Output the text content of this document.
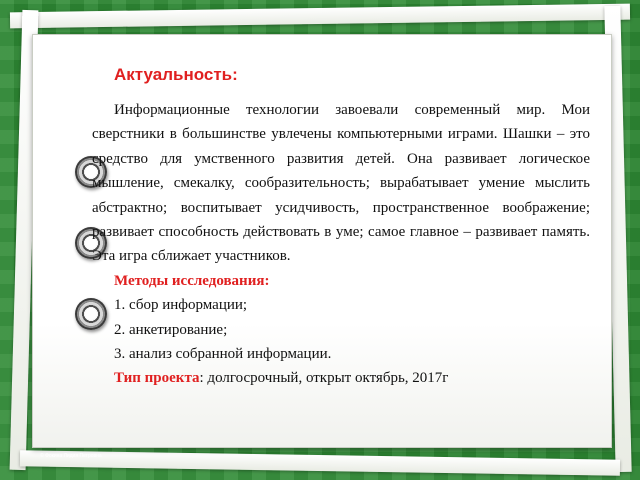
Актуальность:

Информационные технологии завоевали современный мир. Мои сверстники в большинстве увлечены компьютерными играми. Шашки – это средство для умственного развития детей. Она развивает логическое мышление, смекалку, сообразительность; вырабатывает умение мыслить абстрактно; воспитывает усидчивость, пространственное воображение; развивает способность действовать в уме; самое главное – развивает память. Эта игра сближает участников.

Методы исследования:
1. сбор информации;
2. анкетирование;
3. анализ собранной информации.
Тип проекта: долгосрочный, открыт октябрь, 2017г
© Фокина Лидия Петровна
